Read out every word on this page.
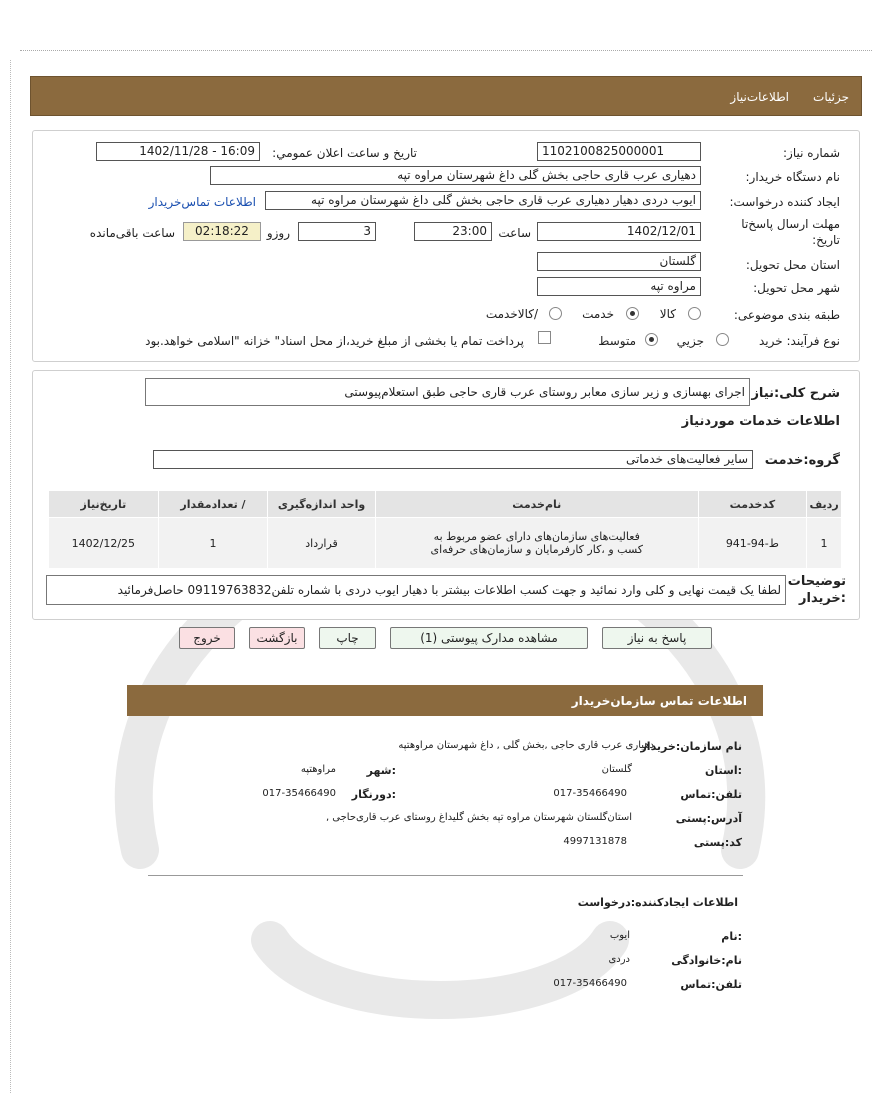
جزئیات
اطلاعات‌نیاز
شماره نیاز:
1102100825000001
تاریخ و ساعت اعلان عمومي:
1402/11/28 - 16:09
نام دستگاه خریدار:
دهیاری عرب قاری حاجی بخش گلی داغ شهرستان مراوه تپه
ایجاد کننده درخواست:
ایوب دردی دهیار دهیاری عرب قاری حاجی بخش گلی داغ شهرستان مراوه تپه
اطلاعات تماس‌خریدار
مهلت ارسال پاسخ‌تا
تاریخ:
1402/12/01
ساعت
23:00
3
روزو
02:18:22
ساعت باقی‌مانده
استان محل تحویل:
گلستان
شهر محل تحویل:
مراوه تپه
طبقه بندی موضوعی:
کالا
خدمت
/کالاخدمت
نوع فرآیند: خرید
جزیي
متوسط
پرداخت تمام یا بخشی از مبلغ خرید،از محل اسناد" خزانه "اسلامی خواهد.بود
شرح کلی:نیاز
اجرای بهسازی و زیر سازی معابر روستای عرب قاری حاجی طبق استعلام‌پیوستی
اطلاعات خدمات موردنیاز
گروه:خدمت
سایر فعالیت‌های خدماتی
ردیف	کدخدمت	نام‌خدمت	واحد اندازه‌گیری	/ تعدادمقدار	تاریخ‌نیاز
1	ط-94-941	فعالیت‌های سازمان‌های دارای عضو مربوط به کسب و ،کار کارفرمایان و سازمان‌های حرفه‌ای	قرارداد	1	1402/12/25
توضیحات
:خریدار
لطفا یک قیمت نهایی و کلی وارد نمائید و جهت کسب اطلاعات بیشتر با دهیار ایوب دردی با شماره تلفن09119763832 حاصل‌فرمائید
پاسخ به نیاز
مشاهده مدارک پیوستی (1)
چاپ
بازگشت
خروج
اطلاعات تماس سازمان‌خریدار
نام سازمان:خریدار
دهیاری عرب قاری حاجی ,بخش گلی , داغ شهرستان مراوهتپه
:استان
گلستان
:شهر
مراوهتپه
تلفن:تماس
017-35466490
:دورنگار
017-35466490
آدرس:پستی
استان‌گلستان شهرستان مراوه تپه بخش گلیداغ روستای عرب قاری‌حاجی ,
کد:پستی
4997131878
اطلاعات ایجادکننده:درخواست
:نام
ایوب
نام:خانوادگی
دردی
تلفن:تماس
017-35466490
